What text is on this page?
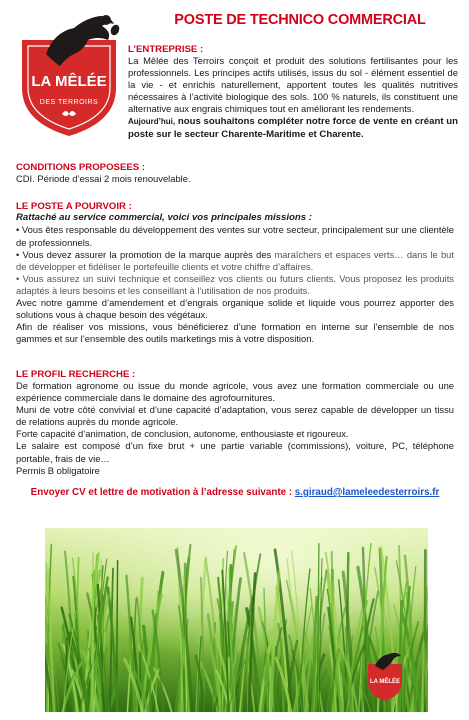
LA MÊLÉE
DES TERROIRS
POSTE DE TECHNICO COMMERCIAL
L’ENTREPRISE :

La Mêlée des Terroirs conçoit et produit des solutions fertilisantes pour les professionnels. Les principes actifs utilisés, issus du sol - élément essentiel de la vie - et enrichis naturellement, apportent toutes les qualités nutritives nécessaires à l’activité biologique des sols. 100 % naturels, ils constituent une alternative aux engrais chimiques tout en améliorant les rendements.

Aujourd’hui, nous souhaitons compléter notre force de vente en créant un poste sur le secteur Charente-Maritime et Charente.

CONDITIONS PROPOSEES :

CDI. Période d’essai 2 mois renouvelable.

LE POSTE A POURVOIR :

Rattaché au service commercial, voici vos principales missions :

• Vous êtes responsable du développement des ventes sur votre secteur, principalement sur une clientèle de professionnels.

• Vous devez assurer la promotion de la marque auprès des maraîchers et espaces verts… dans le but de développer et fidéliser le portefeuille clients et votre chiffre d’affaires.

• Vous assurez un suivi technique et conseillez vos clients ou futurs clients. Vous proposez les produits adaptés à leurs besoins et les conseillant à l’utilisation de nos produits.

Avec notre gamme d’amendement et d’engrais organique solide et liquide vous pourrez apporter des solutions vous à chaque besoin des végétaux.

Afin de réaliser vos missions, vous bénéficierez d’une formation en interne sur l’ensemble de nos gammes et sur l’ensemble des outils marketings mis à votre disposition.

LE PROFIL RECHERCHE :

De formation agronome ou issue du monde agricole, vous avez une formation commerciale ou une expérience commerciale dans le domaine des agrofournitures.

Muni de votre côté convivial et d’une capacité d’adaptation, vous serez capable de développer un tissu de relations auprès du monde agricole.

Forte capacité d’animation, de conclusion, autonome, enthousiaste et rigoureux.

Le salaire est composé d’un fixe brut + une partie variable (commissions), voiture, PC, téléphone portable, frais de vie…

Permis B obligatoire

Envoyer CV et lettre de motivation à l’adresse suivante : s.giraud@lameleedesterroirs.fr
LA MÊLÉE
